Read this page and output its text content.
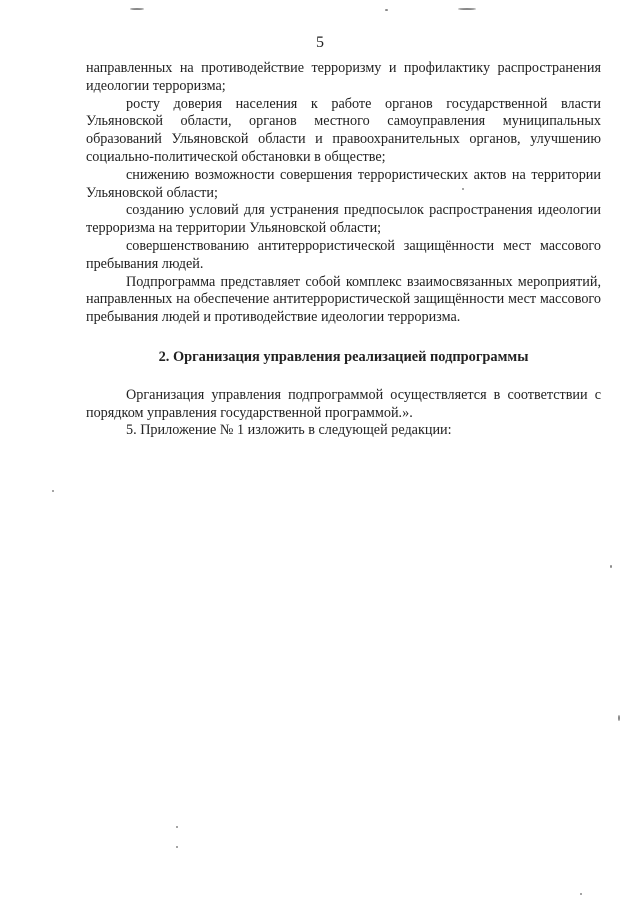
5

направленных на противодействие терроризму и профилактику распространения идеологии терроризма;

росту доверия населения к работе органов государственной власти Ульяновской области, органов местного самоуправления муниципальных образований Ульяновской области и правоохранительных органов, улучшению социально-политической обстановки в обществе;

снижению возможности совершения террористических актов на территории Ульяновской области;

созданию условий для устранения предпосылок распространения идеологии терроризма на территории Ульяновской области;

совершенствованию антитеррористической защищённости мест массового пребывания людей.

Подпрограмма представляет собой комплекс взаимосвязанных мероприятий, направленных на обеспечение антитеррористической защищённости мест массового пребывания людей и противодействие идеологии терроризма.

2. Организация управления реализацией подпрограммы

Организация управления подпрограммой осуществляется в соответствии с порядком управления государственной программой.».

5. Приложение № 1 изложить в следующей редакции:
